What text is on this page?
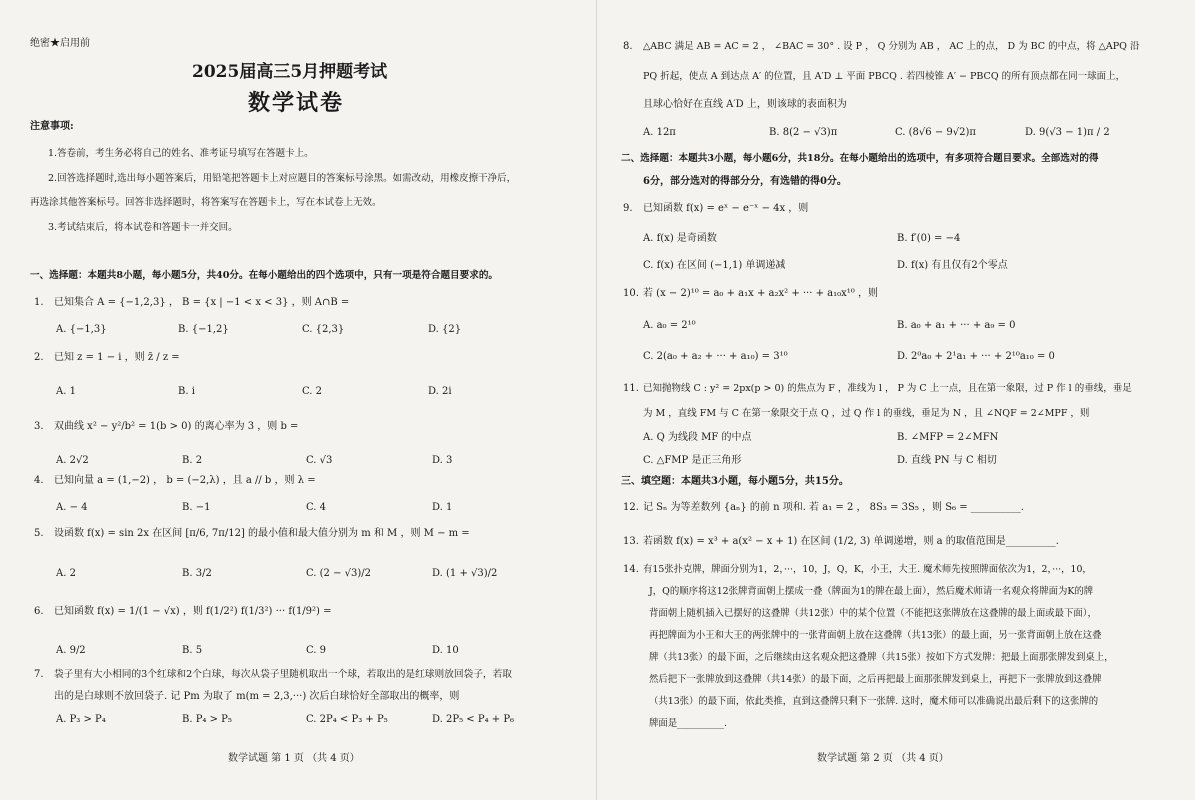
绝密★启用前
2025届高三5月押题考试
数学试卷
注意事项:
1.答卷前，考生务必将自己的姓名、准考证号填写在答题卡上。
2.回答选择题时,选出每小题答案后，用铅笔把答题卡上对应题目的答案标号涂黑。如需改动，用橡皮擦干净后，
再选涂其他答案标号。回答非选择题时，将答案写在答题卡上，写在本试卷上无效。
3.考试结束后，将本试卷和答题卡一并交回。
一、选择题：本题共8小题，每小题5分，共40分。在每小题给出的四个选项中，只有一项是符合题目要求的。
1. 已知集合 A = {−1,2,3} ， B = {x | −1 < x < 3} ，则 A∩B =
A. {−1,3}	B. {−1,2}	C. {2,3}	D. {2}
2. 已知 z = 1 − i ，则 z̄ / z =
A. 1	B. i	C. 2	D. 2i
3. 双曲线 x² − y²/b² = 1(b > 0) 的离心率为 3 ，则 b =
A. 2√2	B. 2	C. √3	D. 3
4. 已知向量 a = (1,−2) ， b = (−2,λ) ，且 a // b ，则 λ =
A. − 4	B. −1	C. 4	D. 1
5. 设函数 f(x) = sin 2x 在区间 [π/6, 7π/12] 的最小值和最大值分别为 m 和 M ，则 M − m =
A. 2	B. 3/2	C. (2 − √3)/2	D. (1 + √3)/2
6. 已知函数 f(x) = 1/(1 − √x) ，则 f(1/2²) f(1/3²) ··· f(1/9²) =
A. 9/2	B. 5	C. 9	D. 10
7. 袋子里有大小相同的3个红球和2个白球，每次从袋子里随机取出一个球，若取出的是红球则放回袋子，若取
出的是白球则不放回袋子. 记 Pm 为取了 m(m = 2,3,···) 次后白球恰好全部取出的概率，则
A. P₃ > P₄	B. P₄ > P₅	C. 2P₄ < P₃ + P₅	D. 2P₅ < P₄ + P₆
数学试题 第 1 页 （共 4 页）
8. △ABC 满足 AB = AC = 2 ， ∠BAC = 30° . 设 P ， Q 分别为 AB ， AC 上的点， D 为 BC 的中点，将 △APQ 沿
PQ 折起，使点 A 到达点 A′ 的位置，且 A′D ⊥ 平面 PBCQ . 若四棱锥 A′ − PBCQ 的所有顶点都在同一球面上，
且球心恰好在直线 A′D 上，则该球的表面积为
A. 12π	B. 8(2 − √3)π	C. (8√6 − 9√2)π	D. 9(√3 − 1)π / 2
二、选择题：本题共3小题，每小题6分，共18分。在每小题给出的选项中，有多项符合题目要求。全部选对的得
6分，部分选对的得部分分，有选错的得0分。
9. 已知函数 f(x) = eˣ − e⁻ˣ − 4x ，则
A. f(x) 是奇函数	B. f′(0) = −4
C. f(x) 在区间 (−1,1) 单调递减	D. f(x) 有且仅有2个零点
10. 若 (x − 2)¹⁰ = a₀ + a₁x + a₂x² + ··· + a₁₀x¹⁰ ，则
A. a₀ = 2¹⁰	B. a₀ + a₁ + ··· + a₉ = 0
C. 2(a₀ + a₂ + ··· + a₁₀) = 3¹⁰	D. 2⁰a₀ + 2¹a₁ + ··· + 2¹⁰a₁₀ = 0
11. 已知抛物线 C : y² = 2px(p > 0) 的焦点为 F ，准线为 l ， P 为 C 上一点，且在第一象限，过 P 作 l 的垂线，垂足
为 M ，直线 FM 与 C 在第一象限交于点 Q ，过 Q 作 l 的垂线，垂足为 N ，且 ∠NQF = 2∠MPF ，则
A. Q 为线段 MF 的中点	B. ∠MFP = 2∠MFN
C. △FMP 是正三角形	D. 直线 PN 与 C 相切
三、填空题：本题共3小题，每小题5分，共15分。
12. 记 Sₙ 为等差数列 {aₙ} 的前 n 项和. 若 a₁ = 2 ， 8S₃ = 3S₅ ，则 S₆ = __________.
13. 若函数 f(x) = x³ + a(x² − x + 1) 在区间 (1/2, 3) 单调递增，则 a 的取值范围是__________.
14. 有15张扑克牌，牌面分别为1，2，···，10，J，Q，K，小王，大王. 魔术师先按照牌面依次为1，2，···，10，
J，Q的顺序将这12张牌背面朝上摆成一叠（牌面为1的牌在最上面），然后魔术师请一名观众将牌面为K的牌
背面朝上随机插入已摆好的这叠牌（共12张）中的某个位置（不能把这张牌放在这叠牌的最上面或最下面），
再把牌面为小王和大王的两张牌中的一张背面朝上放在这叠牌（共13张）的最上面，另一张背面朝上放在这叠
牌（共13张）的最下面，之后继续由这名观众把这叠牌（共15张）按如下方式发牌：把最上面那张牌发到桌上，
然后把下一张牌放到这叠牌（共14张）的最下面，之后再把最上面那张牌发到桌上，再把下一张牌放到这叠牌
（共13张）的最下面，依此类推，直到这叠牌只剩下一张牌. 这时，魔术师可以准确说出最后剩下的这张牌的
牌面是__________.
数学试题 第 2 页 （共 4 页）
